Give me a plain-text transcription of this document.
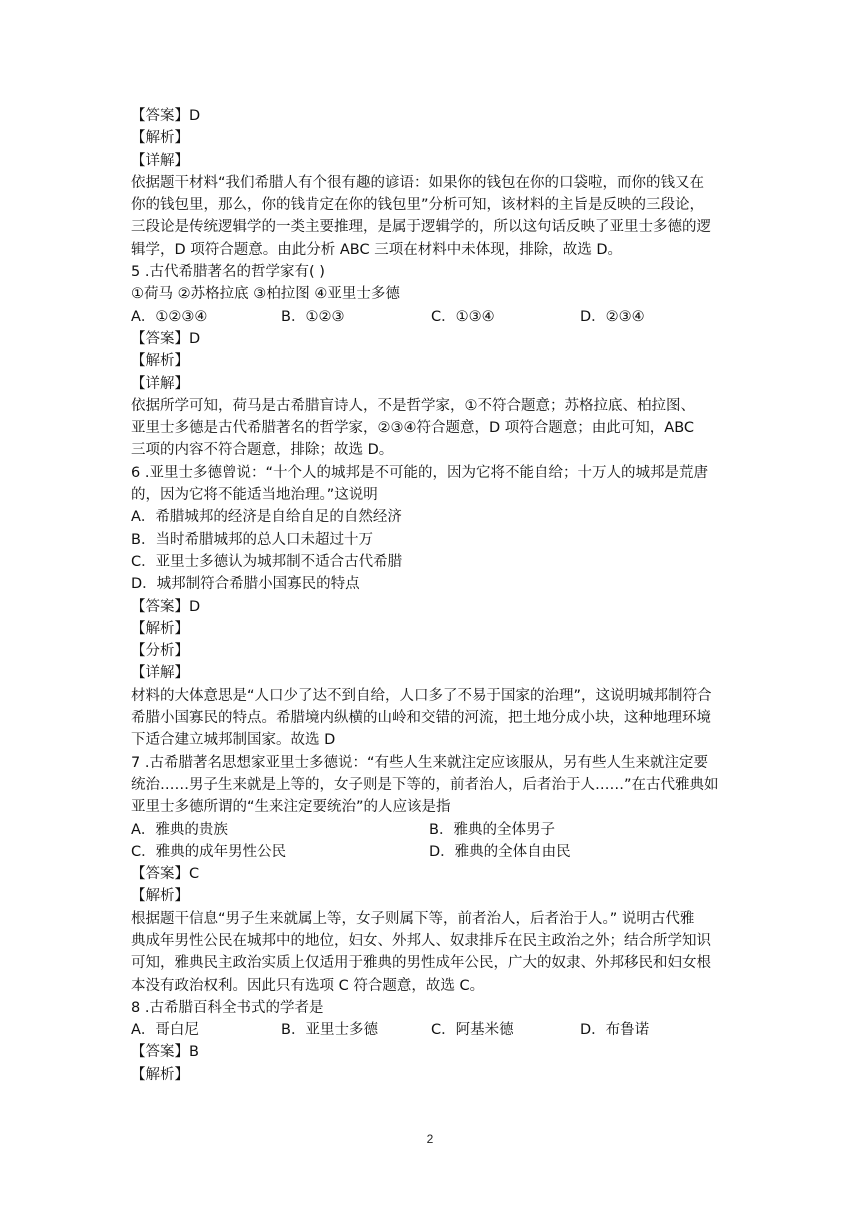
【答案】D
【解析】
【详解】
依据题干材料“我们希腊人有个很有趣的谚语：如果你的钱包在你的口袋啦，而你的钱又在
你的钱包里，那么，你的钱肯定在你的钱包里”分析可知，该材料的主旨是反映的三段论，
三段论是传统逻辑学的一类主要推理，是属于逻辑学的，所以这句话反映了亚里士多德的逻
辑学，D 项符合题意。由此分析 ABC 三项在材料中未体现，排除，故选 D。
5 .古代希腊著名的哲学家有( )
①荷马 ②苏格拉底 ③柏拉图 ④亚里士多德
A．①②③④	B．①②③	C．①③④	D．②③④
【答案】D
【解析】
【详解】
依据所学可知，荷马是古希腊盲诗人，不是哲学家，①不符合题意；苏格拉底、柏拉图、
亚里士多德是古代希腊著名的哲学家，②③④符合题意，D 项符合题意；由此可知，ABC
三项的内容不符合题意，排除；故选 D。
6 .亚里士多德曾说：“十个人的城邦是不可能的，因为它将不能自给；十万人的城邦是荒唐
的，因为它将不能适当地治理。”这说明
A．希腊城邦的经济是自给自足的自然经济
B．当时希腊城邦的总人口未超过十万
C．亚里士多德认为城邦制不适合古代希腊
D．城邦制符合希腊小国寡民的特点
【答案】D
【解析】
【分析】
【详解】
材料的大体意思是“人口少了达不到自给，人口多了不易于国家的治理”，这说明城邦制符合
希腊小国寡民的特点。希腊境内纵横的山岭和交错的河流，把土地分成小块，这种地理环境
下适合建立城邦制国家。故选 D
7 .古希腊著名思想家亚里士多德说：“有些人生来就注定应该服从，另有些人生来就注定要
统治……男子生来就是上等的，女子则是下等的，前者治人，后者治于人……”在古代雅典如
亚里士多德所谓的“生来注定要统治”的人应该是指
A．雅典的贵族	B．雅典的全体男子
C．雅典的成年男性公民	D．雅典的全体自由民
【答案】C
【解析】
根据题干信息“男子生来就属上等，女子则属下等，前者治人，后者治于人。” 说明古代雅
典成年男性公民在城邦中的地位，妇女、外邦人、奴隶排斥在民主政治之外；结合所学知识
可知，雅典民主政治实质上仅适用于雅典的男性成年公民，广大的奴隶、外邦移民和妇女根
本没有政治权利。因此只有选项 C 符合题意，故选 C。
8 .古希腊百科全书式的学者是
A．哥白尼	B．亚里士多德	C．阿基米德	D．布鲁诺
【答案】B
【解析】
2
